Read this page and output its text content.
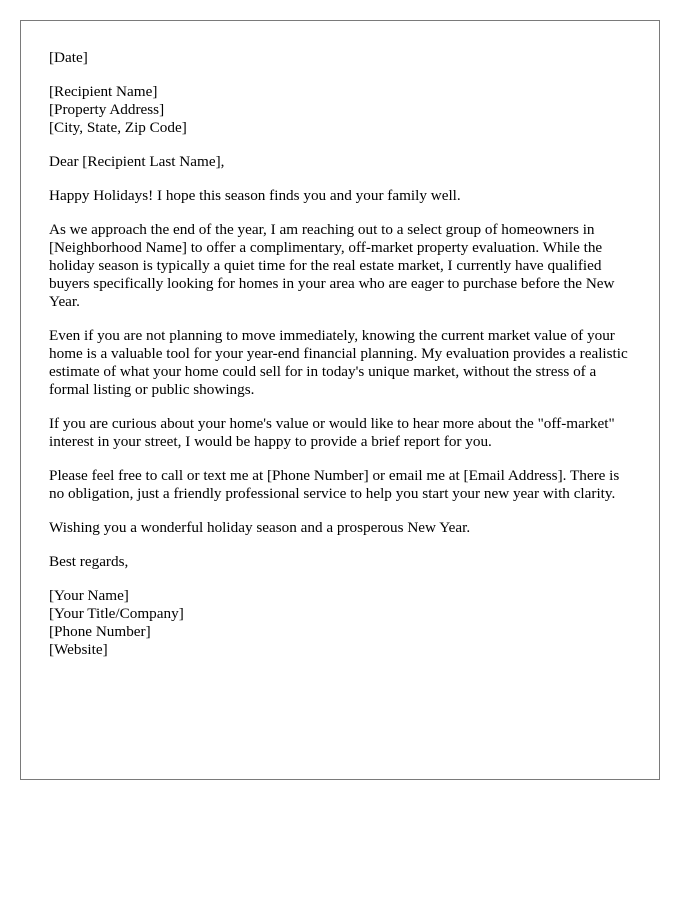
[Date]

[Recipient Name]
[Property Address]
[City, State, Zip Code]

Dear [Recipient Last Name],

Happy Holidays! I hope this season finds you and your family well.

As we approach the end of the year, I am reaching out to a select group of homeowners in [Neighborhood Name] to offer a complimentary, off-market property evaluation. While the holiday season is typically a quiet time for the real estate market, I currently have qualified buyers specifically looking for homes in your area who are eager to purchase before the New Year.

Even if you are not planning to move immediately, knowing the current market value of your home is a valuable tool for your year-end financial planning. My evaluation provides a realistic estimate of what your home could sell for in today's unique market, without the stress of a formal listing or public showings.

If you are curious about your home's value or would like to hear more about the "off-market" interest in your street, I would be happy to provide a brief report for you.

Please feel free to call or text me at [Phone Number] or email me at [Email Address]. There is no obligation, just a friendly professional service to help you start your new year with clarity.

Wishing you a wonderful holiday season and a prosperous New Year.

Best regards,

[Your Name]
[Your Title/Company]
[Phone Number]
[Website]
